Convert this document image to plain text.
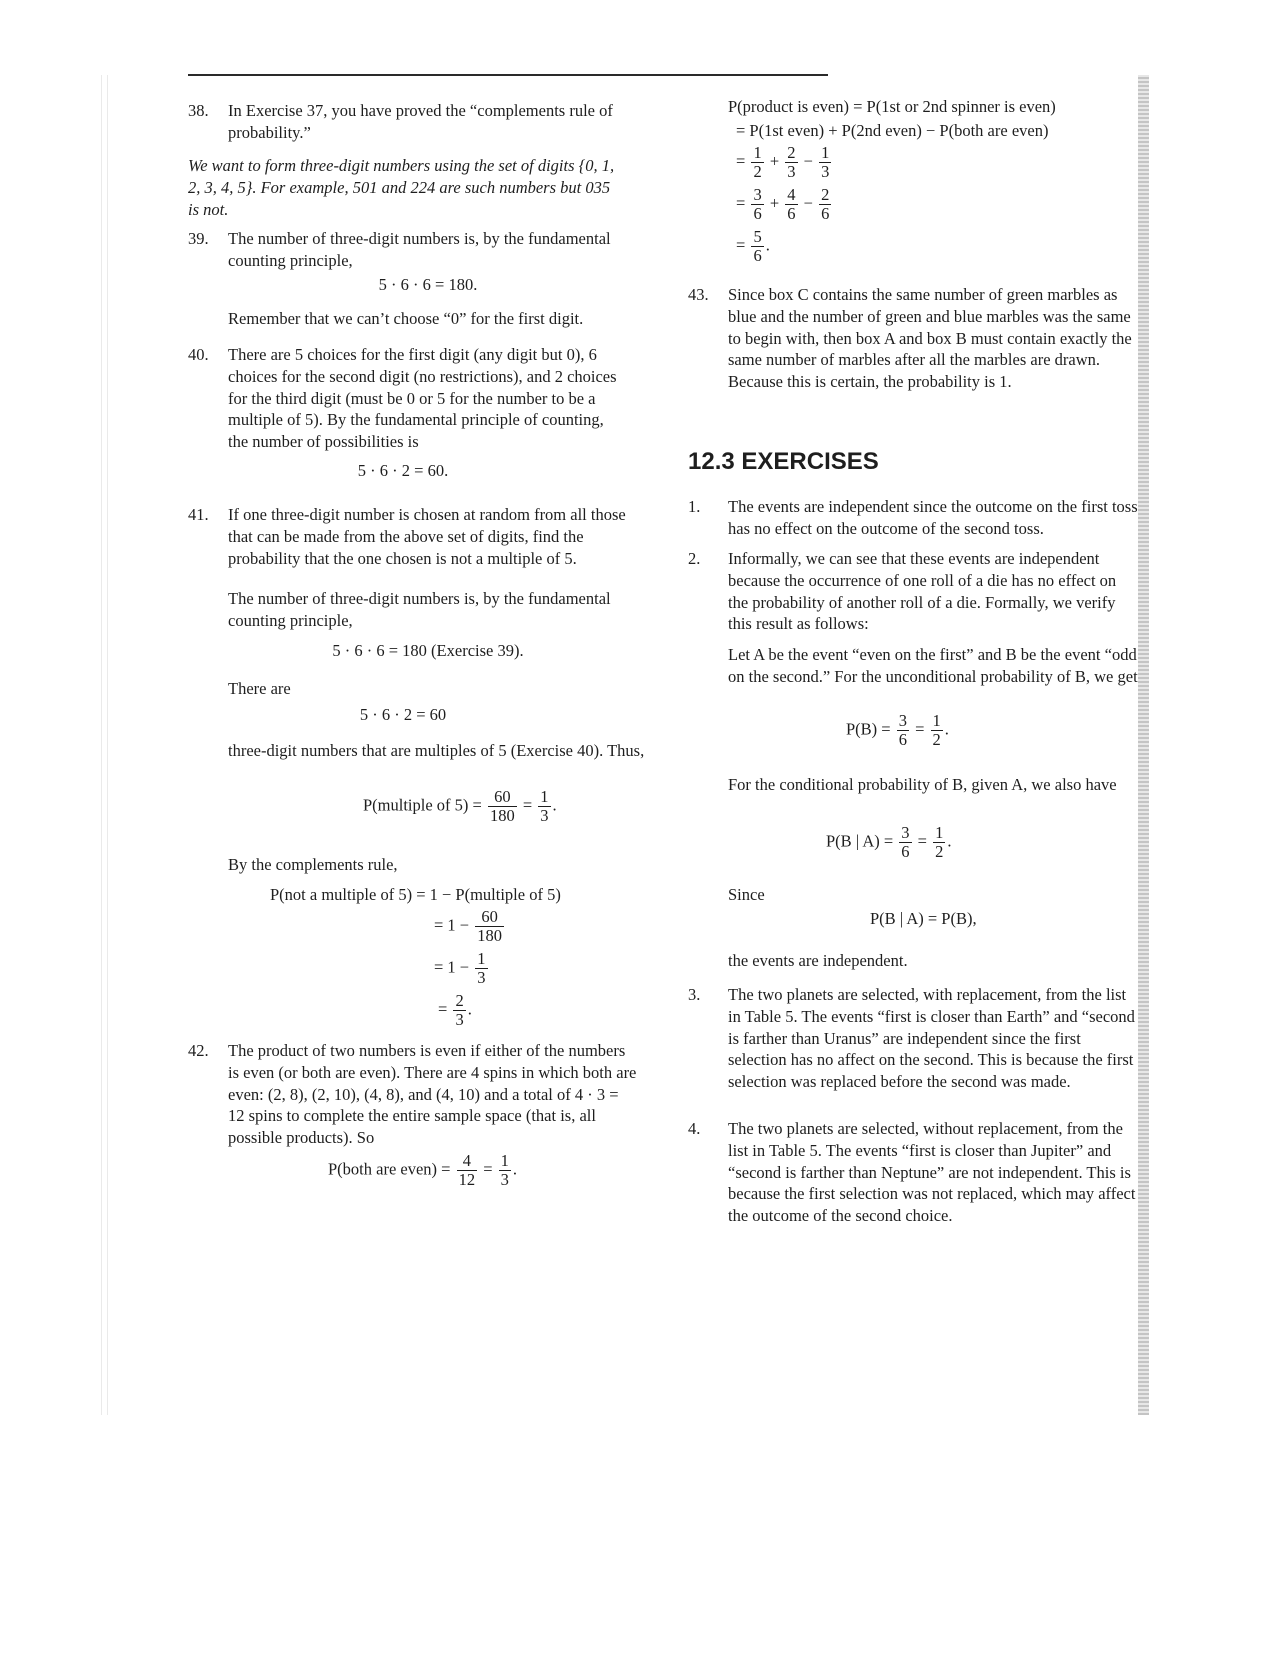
38.	In Exercise 37, you have proved the “complements rule of probability.”
We want to form three-digit numbers using the set of digits {0, 1, 2, 3, 4, 5}. For example, 501 and 224 are such numbers but 035 is not.
39.	The number of three-digit numbers is, by the fundamental counting principle,
5 · 6 · 6 = 180.
Remember that we can’t choose “0” for the first digit.
40.	There are 5 choices for the first digit (any digit but 0), 6 choices for the second digit (no restrictions), and 2 choices for the third digit (must be 0 or 5 for the number to be a multiple of 5). By the fundamental principle of counting, the number of possibilities is
5 · 6 · 2 = 60.
41.	If one three-digit number is chosen at random from all those that can be made from the above set of digits, find the probability that the one chosen is not a multiple of 5.
The number of three-digit numbers is, by the fundamental counting principle,
5 · 6 · 6 = 180 (Exercise 39).
There are
5 · 6 · 2 = 60
three-digit numbers that are multiples of 5 (Exercise 40). Thus,
P(multiple of $5) = \frac{60}{180} = \frac{1}{3}$ .
By the complements rule,
P(not a multiple of 5) = 1 − P(multiple of 5)
= $1 - \frac{60}{180}$
= $1 - \frac{1}{3}$
= $\frac{2}{3}$ .
42.	The product of two numbers is even if either of the numbers is even (or both are even). There are 4 spins in which both are even: (2, 8), (2, 10), (4, 8), and (4, 10) and a total of 4 · 3 = 12 spins to complete the entire sample space (that is, all possible products). So
P(both are even) = $\frac{4}{12} = \frac{1}{3}$ .
P(product is even) = P(1st or 2nd spinner is even)
= P(1st even) + P(2nd even) − P(both are even)
= $\frac{1}{2} + \frac{2}{3} - \frac{1}{3}$
= $\frac{3}{6} + \frac{4}{6} - \frac{2}{6}$
= $\frac{5}{6}$ .
43.	Since box C contains the same number of green marbles as blue and the number of green and blue marbles was the same to begin with, then box A and box B must contain exactly the same number of marbles after all the marbles are drawn. Because this is certain, the probability is 1.
12.3 EXERCISES
1.	The events are independent since the outcome on the first toss has no effect on the outcome of the second toss.
2.	Informally, we can see that these events are independent because the occurrence of one roll of a die has no effect on the probability of another roll of a die. Formally, we verify this result as follows:
Let A be the event “even on the first” and B be the event “odd on the second.” For the unconditional probability of B, we get
$P(B) = \frac{3}{6} = \frac{1}{2}$ .
For the conditional probability of B, given A, we also have
P(B | $A) = \frac{3}{6} = \frac{1}{2}$ .
Since
P(B | A) = P(B),
the events are independent.
3.	The two planets are selected, with replacement, from the list in Table 5. The events “first is closer than Earth” and “second is farther than Uranus” are independent since the first selection has no affect on the second. This is because the first selection was replaced before the second was made.
4.	The two planets are selected, without replacement, from the list in Table 5. The events “first is closer than Jupiter” and “second is farther than Neptune” are not independent. This is because the first selection was not replaced, which may affect the outcome of the second choice.
